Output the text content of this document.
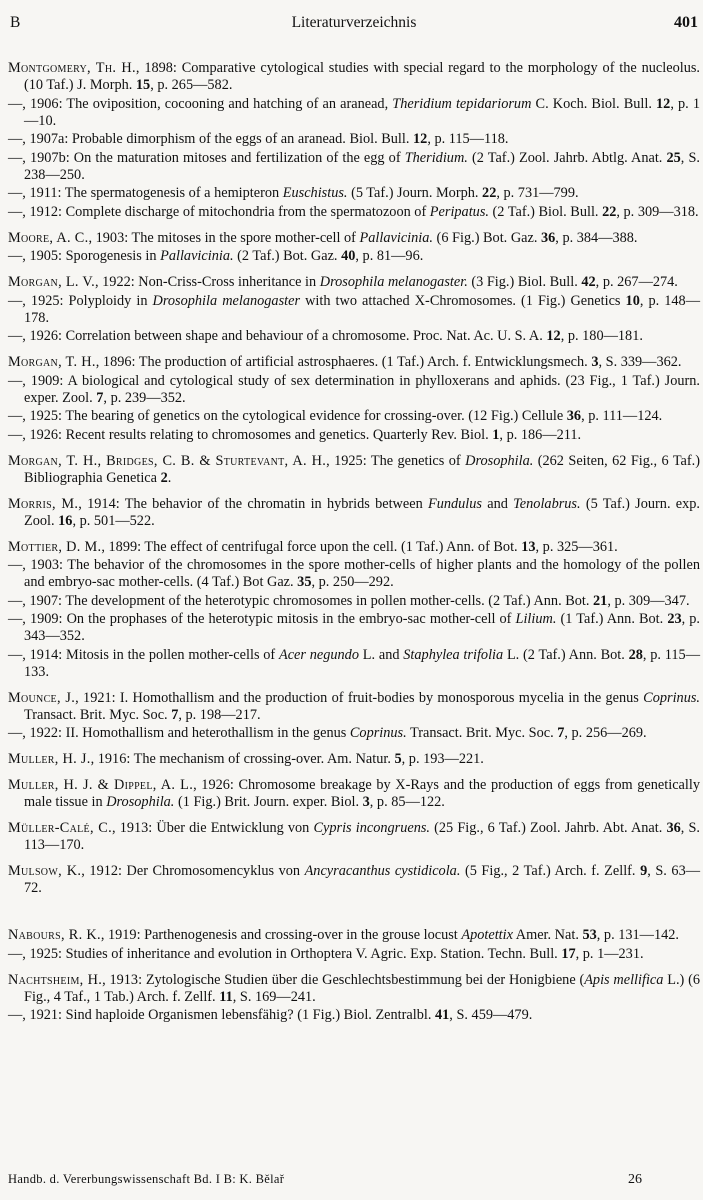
B	Literaturverzeichnis	401
Montgomery, Th. H., 1898: Comparative cytological studies with special regard to the morphology of the nucleolus. (10 Taf.) J. Morph. 15, p. 265—582.
—, 1906: The oviposition, cocooning and hatching of an aranead, Theridium tepidariorum C. Koch. Biol. Bull. 12, p. 1—10.
—, 1907a: Probable dimorphism of the eggs of an aranead. Biol. Bull. 12, p. 115—118.
—, 1907b: On the maturation mitoses and fertilization of the egg of Theridium. (2 Taf.) Zool. Jahrb. Abtlg. Anat. 25, S. 238—250.
—, 1911: The spermatogenesis of a hemipteron Euschistus. (5 Taf.) Journ. Morph. 22, p. 731—799.
—, 1912: Complete discharge of mitochondria from the spermatozoon of Peripatus. (2 Taf.) Biol. Bull. 22, p. 309—318.
Moore, A. C., 1903: The mitoses in the spore mother-cell of Pallavicinia. (6 Fig.) Bot. Gaz. 36, p. 384—388.
—, 1905: Sporogenesis in Pallavicinia. (2 Taf.) Bot. Gaz. 40, p. 81—96.
Morgan, L. V., 1922: Non-Criss-Cross inheritance in Drosophila melanogaster. (3 Fig.) Biol. Bull. 42, p. 267—274.
—, 1925: Polyploidy in Drosophila melanogaster with two attached X-Chromosomes. (1 Fig.) Genetics 10, p. 148—178.
—, 1926: Correlation between shape and behaviour of a chromosome. Proc. Nat. Ac. U. S. A. 12, p. 180—181.
Morgan, T. H., 1896: The production of artificial astrosphaeres. (1 Taf.) Arch. f. Entwicklungsmech. 3, S. 339—362.
—, 1909: A biological and cytological study of sex determination in phylloxerans and aphids. (23 Fig., 1 Taf.) Journ. exper. Zool. 7, p. 239—352.
—, 1925: The bearing of genetics on the cytological evidence for crossing-over. (12 Fig.) Cellule 36, p. 111—124.
—, 1926: Recent results relating to chromosomes and genetics. Quarterly Rev. Biol. 1, p. 186—211.
Morgan, T. H., Bridges, C. B. & Sturtevant, A. H., 1925: The genetics of Drosophila. (262 Seiten, 62 Fig., 6 Taf.) Bibliographia Genetica 2.
Morris, M., 1914: The behavior of the chromatin in hybrids between Fundulus and Tenolabrus. (5 Taf.) Journ. exp. Zool. 16, p. 501—522.
Mottier, D. M., 1899: The effect of centrifugal force upon the cell. (1 Taf.) Ann. of Bot. 13, p. 325—361.
—, 1903: The behavior of the chromosomes in the spore mother-cells of higher plants and the homology of the pollen and embryo-sac mother-cells. (4 Taf.) Bot Gaz. 35, p. 250—292.
—, 1907: The development of the heterotypic chromosomes in pollen mother-cells. (2 Taf.) Ann. Bot. 21, p. 309—347.
—, 1909: On the prophases of the heterotypic mitosis in the embryo-sac mother-cell of Lilium. (1 Taf.) Ann. Bot. 23, p. 343—352.
—, 1914: Mitosis in the pollen mother-cells of Acer negundo L. and Staphylea trifolia L. (2 Taf.) Ann. Bot. 28, p. 115—133.
Mounce, J., 1921: I. Homothallism and the production of fruit-bodies by monosporous mycelia in the genus Coprinus. Transact. Brit. Myc. Soc. 7, p. 198—217.
—, 1922: II. Homothallism and heterothallism in the genus Coprinus. Transact. Brit. Myc. Soc. 7, p. 256—269.
Muller, H. J., 1916: The mechanism of crossing-over. Am. Natur. 5, p. 193—221.
Muller, H. J. & Dippel, A. L., 1926: Chromosome breakage by X-Rays and the production of eggs from genetically male tissue in Drosophila. (1 Fig.) Brit. Journ. exper. Biol. 3, p. 85—122.
Müller-Calé, C., 1913: Über die Entwicklung von Cypris incongruens. (25 Fig., 6 Taf.) Zool. Jahrb. Abt. Anat. 36, S. 113—170.
Mulsow, K., 1912: Der Chromosomencyklus von Ancyracanthus cystidicola. (5 Fig., 2 Taf.) Arch. f. Zellf. 9, S. 63—72.
Nabours, R. K., 1919: Parthenogenesis and crossing-over in the grouse locust Apotettix Amer. Nat. 53, p. 131—142.
—, 1925: Studies of inheritance and evolution in Orthoptera V. Agric. Exp. Station. Techn. Bull. 17, p. 1—231.
Nachtsheim, H., 1913: Zytologische Studien über die Geschlechtsbestimmung bei der Honigbiene (Apis mellifica L.) (6 Fig., 4 Taf., 1 Tab.) Arch. f. Zellf. 11, S. 169—241.
—, 1921: Sind haploide Organismen lebensfähig? (1 Fig.) Biol. Zentralbl. 41, S. 459—479.
Handb. d. Vererbungswissenschaft Bd. I B: K. Bělař	26
